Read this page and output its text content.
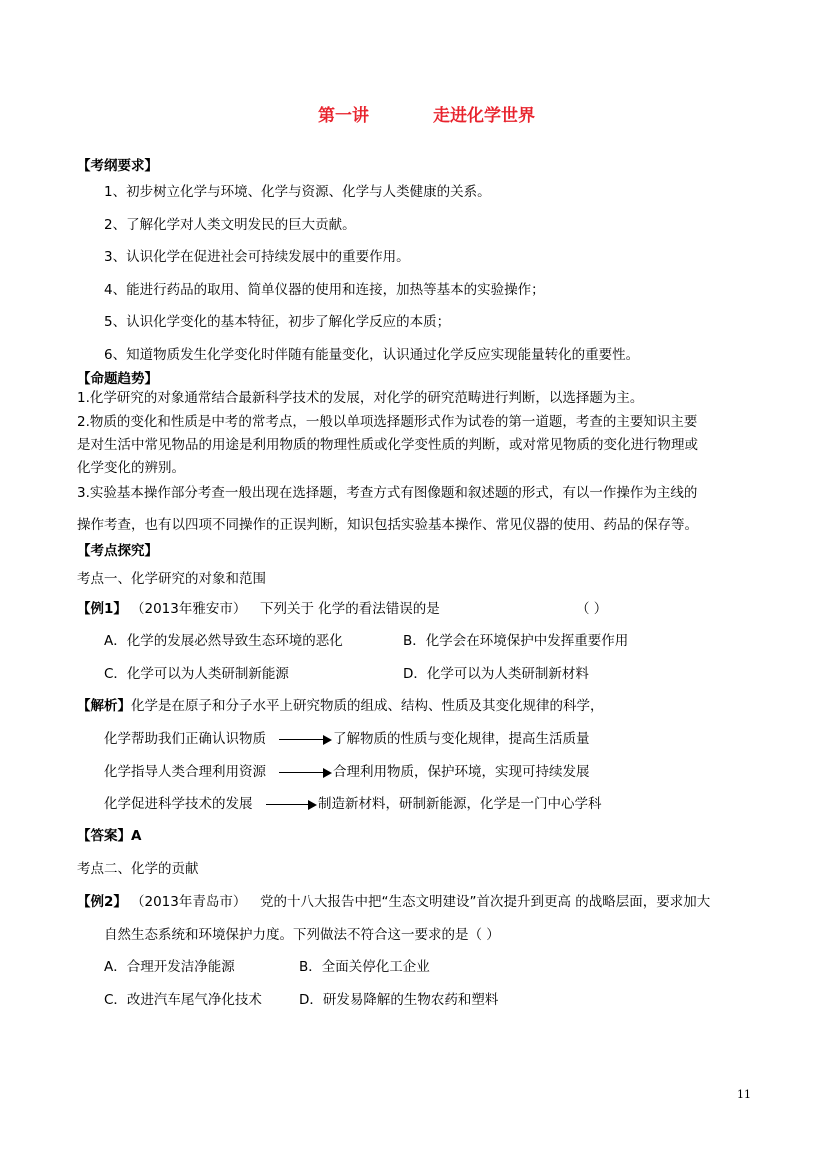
第一讲	走进化学世界
【考纲要求】
1、初步树立化学与环境、化学与资源、化学与人类健康的关系。
2、了解化学对人类文明发民的巨大贡献。
3、认识化学在促进社会可持续发展中的重要作用。
4、能进行药品的取用、简单仪器的使用和连接，加热等基本的实验操作；
5、认识化学变化的基本特征，初步了解化学反应的本质；
6、知道物质发生化学变化时伴随有能量变化，认识通过化学反应实现能量转化的重要性。
【命题趋势】
1.化学研究的对象通常结合最新科学技术的发展，对化学的研究范畴进行判断，以选择题为主。
2.物质的变化和性质是中考的常考点，一般以单项选择题形式作为试卷的第一道题，考查的主要知识主要
是对生活中常见物品的用途是利用物质的物理性质或化学变性质的判断，或对常见物质的变化进行物理或
化学变化的辨别。
3.实验基本操作部分考查一般出现在选择题，考查方式有图像题和叙述题的形式，有以一作操作为主线的
操作考查，也有以四项不同操作的正误判断，知识包括实验基本操作、常见仪器的使用、药品的保存等。
【考点探究】
考点一、化学研究的对象和范围
【例1】 （2013年雅安市） 下列关于 化学的看法错误的是	（ ）
A．化学的发展必然导致生态环境的恶化	B．化学会在环境保护中发挥重要作用
C．化学可以为人类研制新能源	D．化学可以为人类研制新材料
【解析】 化学是在原子和分子水平上研究物质的组成、结构、性质及其变化规律的科学，
化学帮助我们正确认识物质	了解物质的性质与变化规律，提高生活质量
化学指导人类合理利用资源	合理利用物质，保护环境，实现可持续发展
化学促进科学技术的发展	制造新材料，研制新能源，化学是一门中心学科
【答案】 A
考点二、化学的贡献
【例2】 （2013年青岛市） 党的十八大报告中把“生态文明建设”首次提升到更高 的战略层面，要求加大
自然生态系统和环境保护力度。下列做法不符合这一要求的是（ ）
A．合理开发洁净能源	B．全面关停化工企业
C．改进汽车尾气净化技术	D．研发易降解的生物农药和塑料
11
